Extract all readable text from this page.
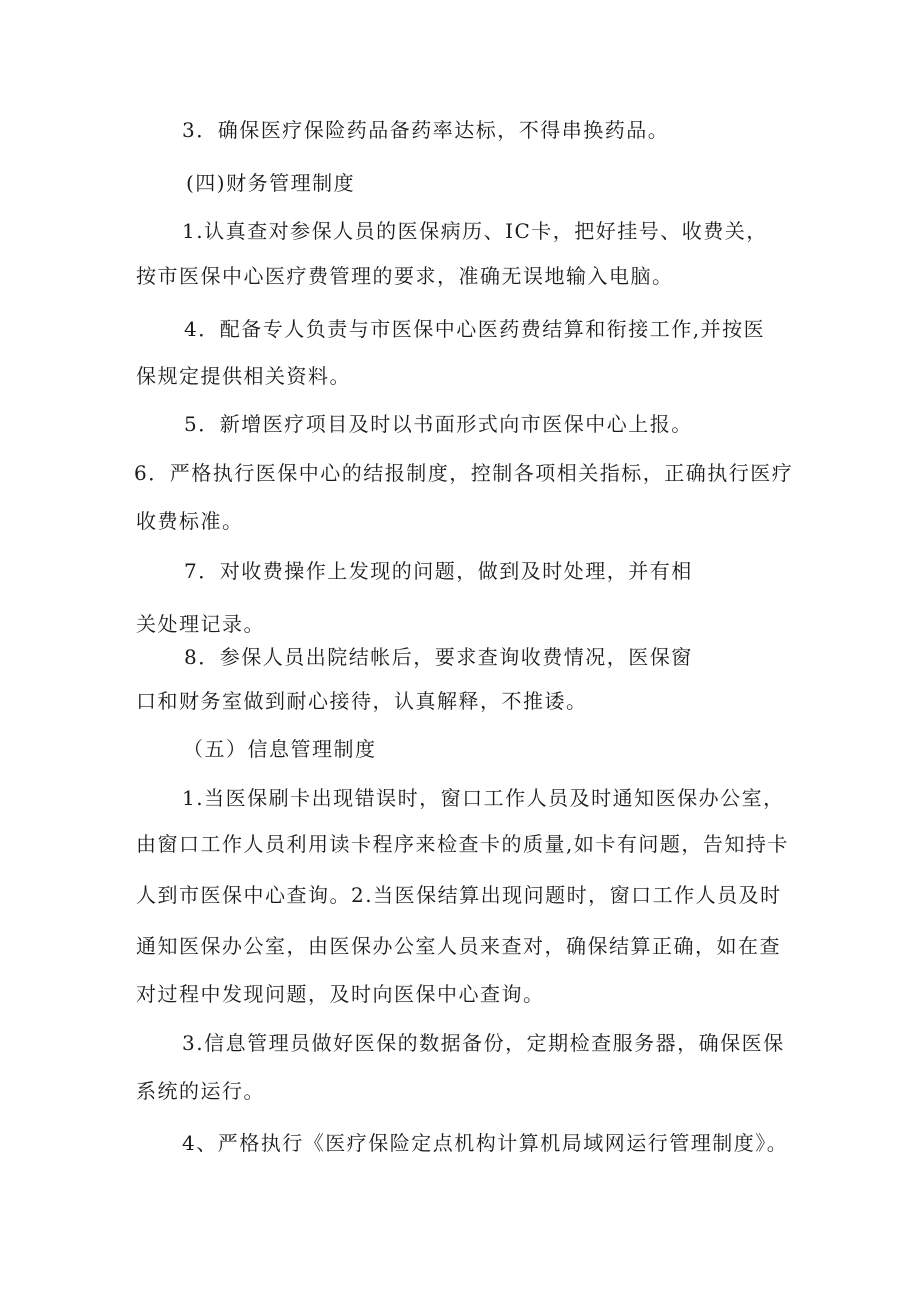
3．确保医疗保险药品备药率达标，不得串换药品。
(四)财务管理制度
1.认真查对参保人员的医保病历、IC卡，把好挂号、收费关，
按市医保中心医疗费管理的要求，准确无误地输入电脑。
4．配备专人负责与市医保中心医药费结算和衔接工作,并按医
保规定提供相关资料。
5．新增医疗项目及时以书面形式向市医保中心上报。
6．严格执行医保中心的结报制度，控制各项相关指标，正确执行医疗
收费标准。
7．对收费操作上发现的问题，做到及时处理，并有相
关处理记录。
8．参保人员出院结帐后，要求查询收费情况，医保窗
口和财务室做到耐心接待，认真解释，不推诿。
（五）信息管理制度
1.当医保刷卡出现错误时，窗口工作人员及时通知医保办公室，
由窗口工作人员利用读卡程序来检查卡的质量,如卡有问题，告知持卡
人到市医保中心查询。2.当医保结算出现问题时，窗口工作人员及时
通知医保办公室，由医保办公室人员来查对，确保结算正确，如在查
对过程中发现问题，及时向医保中心查询。
3.信息管理员做好医保的数据备份，定期检查服务器，确保医保
系统的运行。
4、严格执行《医疗保险定点机构计算机局域网运行管理制度》。
